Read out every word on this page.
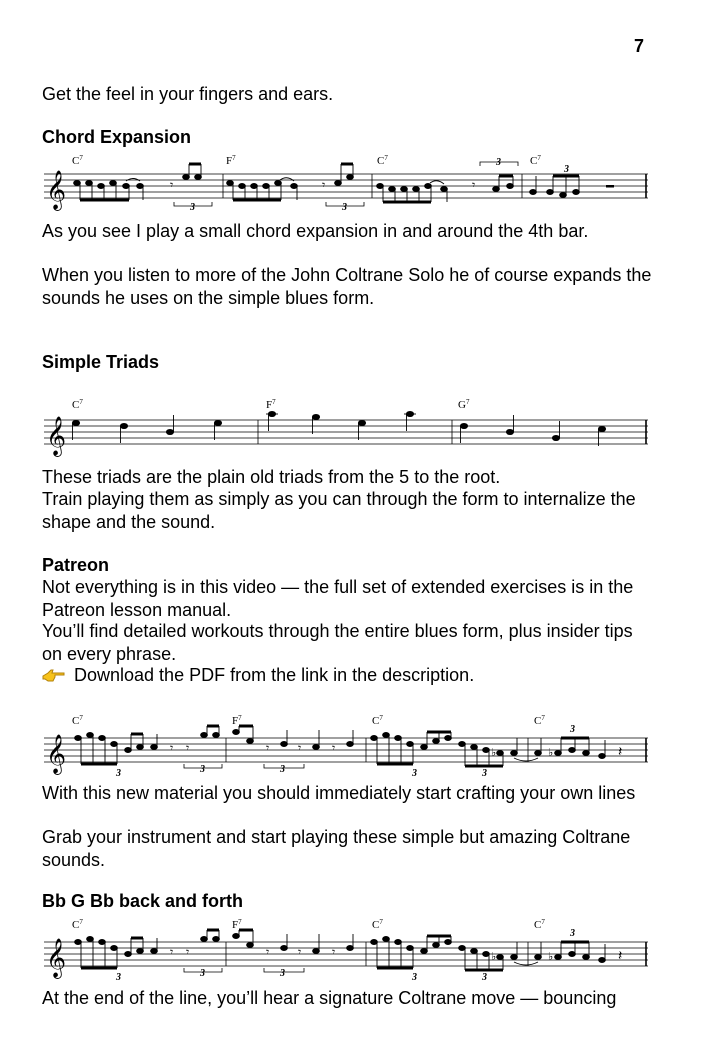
7

Get the feel in your fingers and ears.

Chord Expansion
𝄞
$C^7$	$F^7$	$C^7$	$C^7$
𝄾	𝄾	𝄾
3	3
3
3

As you see I play a small chord expansion in and around the 4th bar.

When you listen to more of the John Coltrane Solo he of course expands the sounds he uses on the simple blues form.

Simple Triads
𝄞
$C^7$	$F^7$	$G^7$

These triads are the plain old triads from the 5 to the root.

Train playing them as simply as you can through the form to internalize the shape and the sound.

Patreon

Not everything is in this video — the full set of extended exercises is in the Patreon lesson manual.

You’ll find detailed workouts through the entire blues form, plus insider tips on every phrase.

Download the PDF from the link in the description.

𝄞
$C^7$	$F^7$	$C^7$	$C^7$
𝄾 𝄾	𝄾 𝄾	𝄾	♭	♭	𝄽
3	3	3	3	3
3

With this new material you should immediately start crafting your own lines

Grab your instrument and start playing these simple but amazing Coltrane sounds.

Bb G Bb back and forth
𝄞
$C^7$	$F^7$	$C^7$	$C^7$
𝄾 𝄾	𝄾 𝄾	𝄾	♭	♭	𝄽
3	3	3	3	3
3

At the end of the line, you’ll hear a signature Coltrane move — bouncing
